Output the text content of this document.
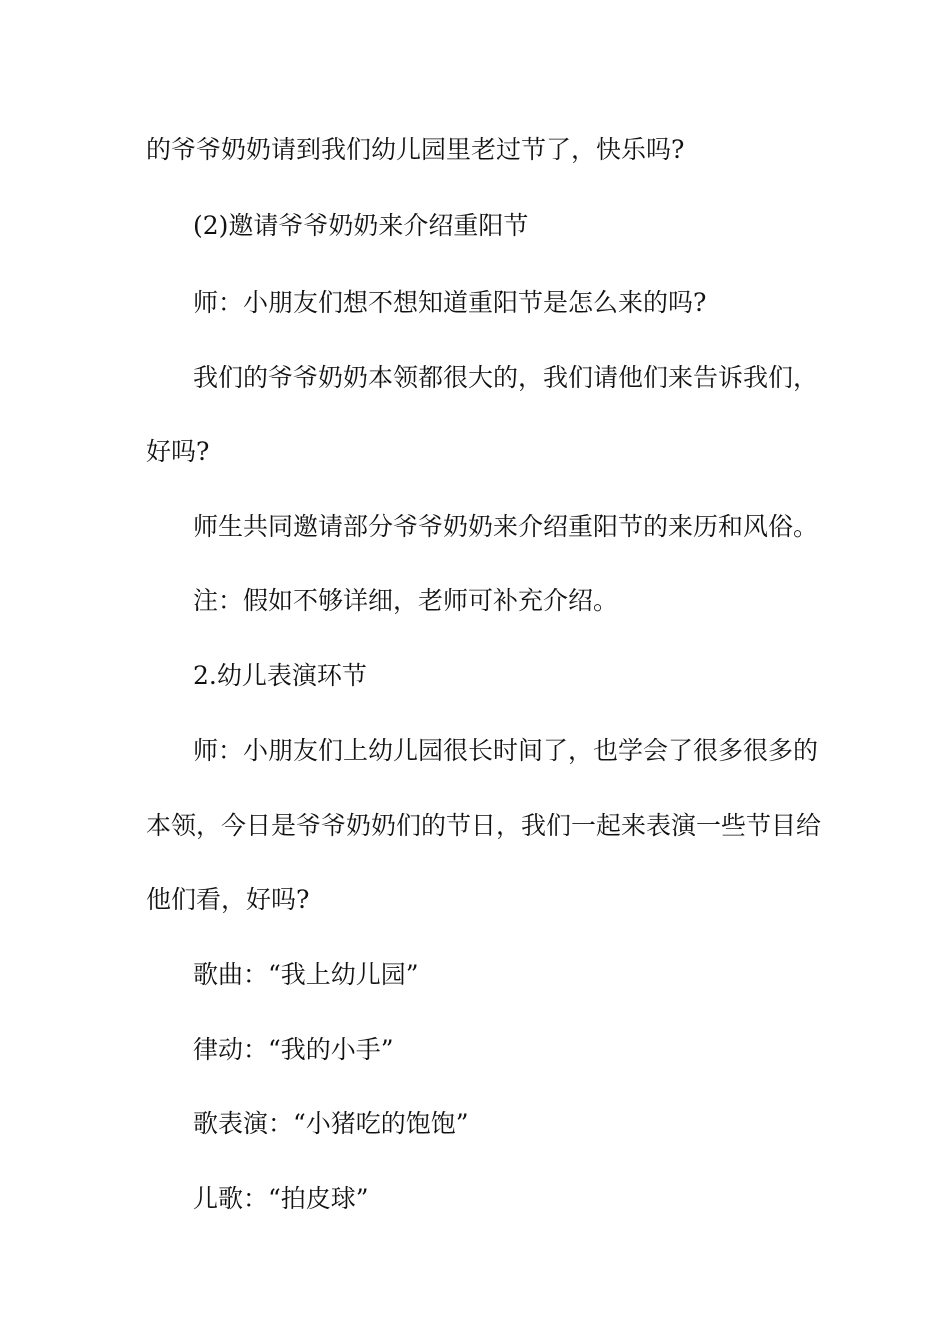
的爷爷奶奶请到我们幼儿园里老过节了，快乐吗?
(2)邀请爷爷奶奶来介绍重阳节
师：小朋友们想不想知道重阳节是怎么来的吗?
我们的爷爷奶奶本领都很大的，我们请他们来告诉我们，
好吗?
师生共同邀请部分爷爷奶奶来介绍重阳节的来历和风俗。
注：假如不够详细，老师可补充介绍。
2.幼儿表演环节
师：小朋友们上幼儿园很长时间了，也学会了很多很多的
本领，今日是爷爷奶奶们的节日，我们一起来表演一些节目给
他们看，好吗?
歌曲：“我上幼儿园”
律动：“我的小手”
歌表演：“小猪吃的饱饱”
儿歌：“拍皮球”
